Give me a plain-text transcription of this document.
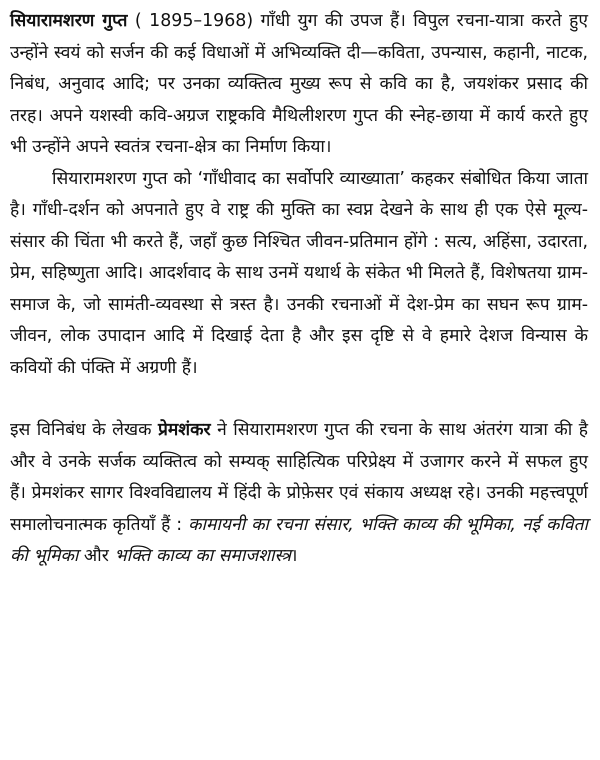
सियारामशरण गुप्त ( 1895–1968) गाँधी युग की उपज हैं। विपुल रचना-यात्रा करते हुए उन्होंने स्वयं को सर्जन की कई विधाओं में अभिव्यक्ति दी—कविता, उपन्यास, कहानी, नाटक, निबंध, अनुवाद आदि; पर उनका व्यक्तित्व मुख्य रूप से कवि का है, जयशंकर प्रसाद की तरह। अपने यशस्वी कवि-अग्रज राष्ट्रकवि मैथिलीशरण गुप्त की स्नेह-छाया में कार्य करते हुए भी उन्होंने अपने स्वतंत्र रचना-क्षेत्र का निर्माण किया।

सियारामशरण गुप्त को ‘गाँधीवाद का सर्वोपरि व्याख्याता’ कहकर संबोधित किया जाता है। गाँधी-दर्शन को अपनाते हुए वे राष्ट्र की मुक्ति का स्वप्न देखने के साथ ही एक ऐसे मूल्य-संसार की चिंता भी करते हैं, जहाँ कुछ निश्चित जीवन-प्रतिमान होंगे : सत्य, अहिंसा, उदारता, प्रेम, सहिष्णुता आदि। आदर्शवाद के साथ उनमें यथार्थ के संकेत भी मिलते हैं, विशेषतया ग्राम-समाज के, जो सामंती-व्यवस्था से त्रस्त है। उनकी रचनाओं में देश-प्रेम का सघन रूप ग्राम-जीवन, लोक उपादान आदि में दिखाई देता है और इस दृष्टि से वे हमारे देशज विन्यास के कवियों की पंक्ति में अग्रणी हैं।

इस विनिबंध के लेखक प्रेमशंकर ने सियारामशरण गुप्त की रचना के साथ अंतरंग यात्रा की है और वे उनके सर्जक व्यक्तित्व को सम्यक् साहित्यिक परिप्रेक्ष्य में उजागर करने में सफल हुए हैं। प्रेमशंकर सागर विश्वविद्यालय में हिंदी के प्रोफ़ेसर एवं संकाय अध्यक्ष रहे। उनकी महत्त्वपूर्ण समालोचनात्मक कृतियाँ हैं : कामायनी का रचना संसार, भक्ति काव्य की भूमिका, नई कविता की भूमिका और भक्ति काव्य का समाजशास्त्र।
